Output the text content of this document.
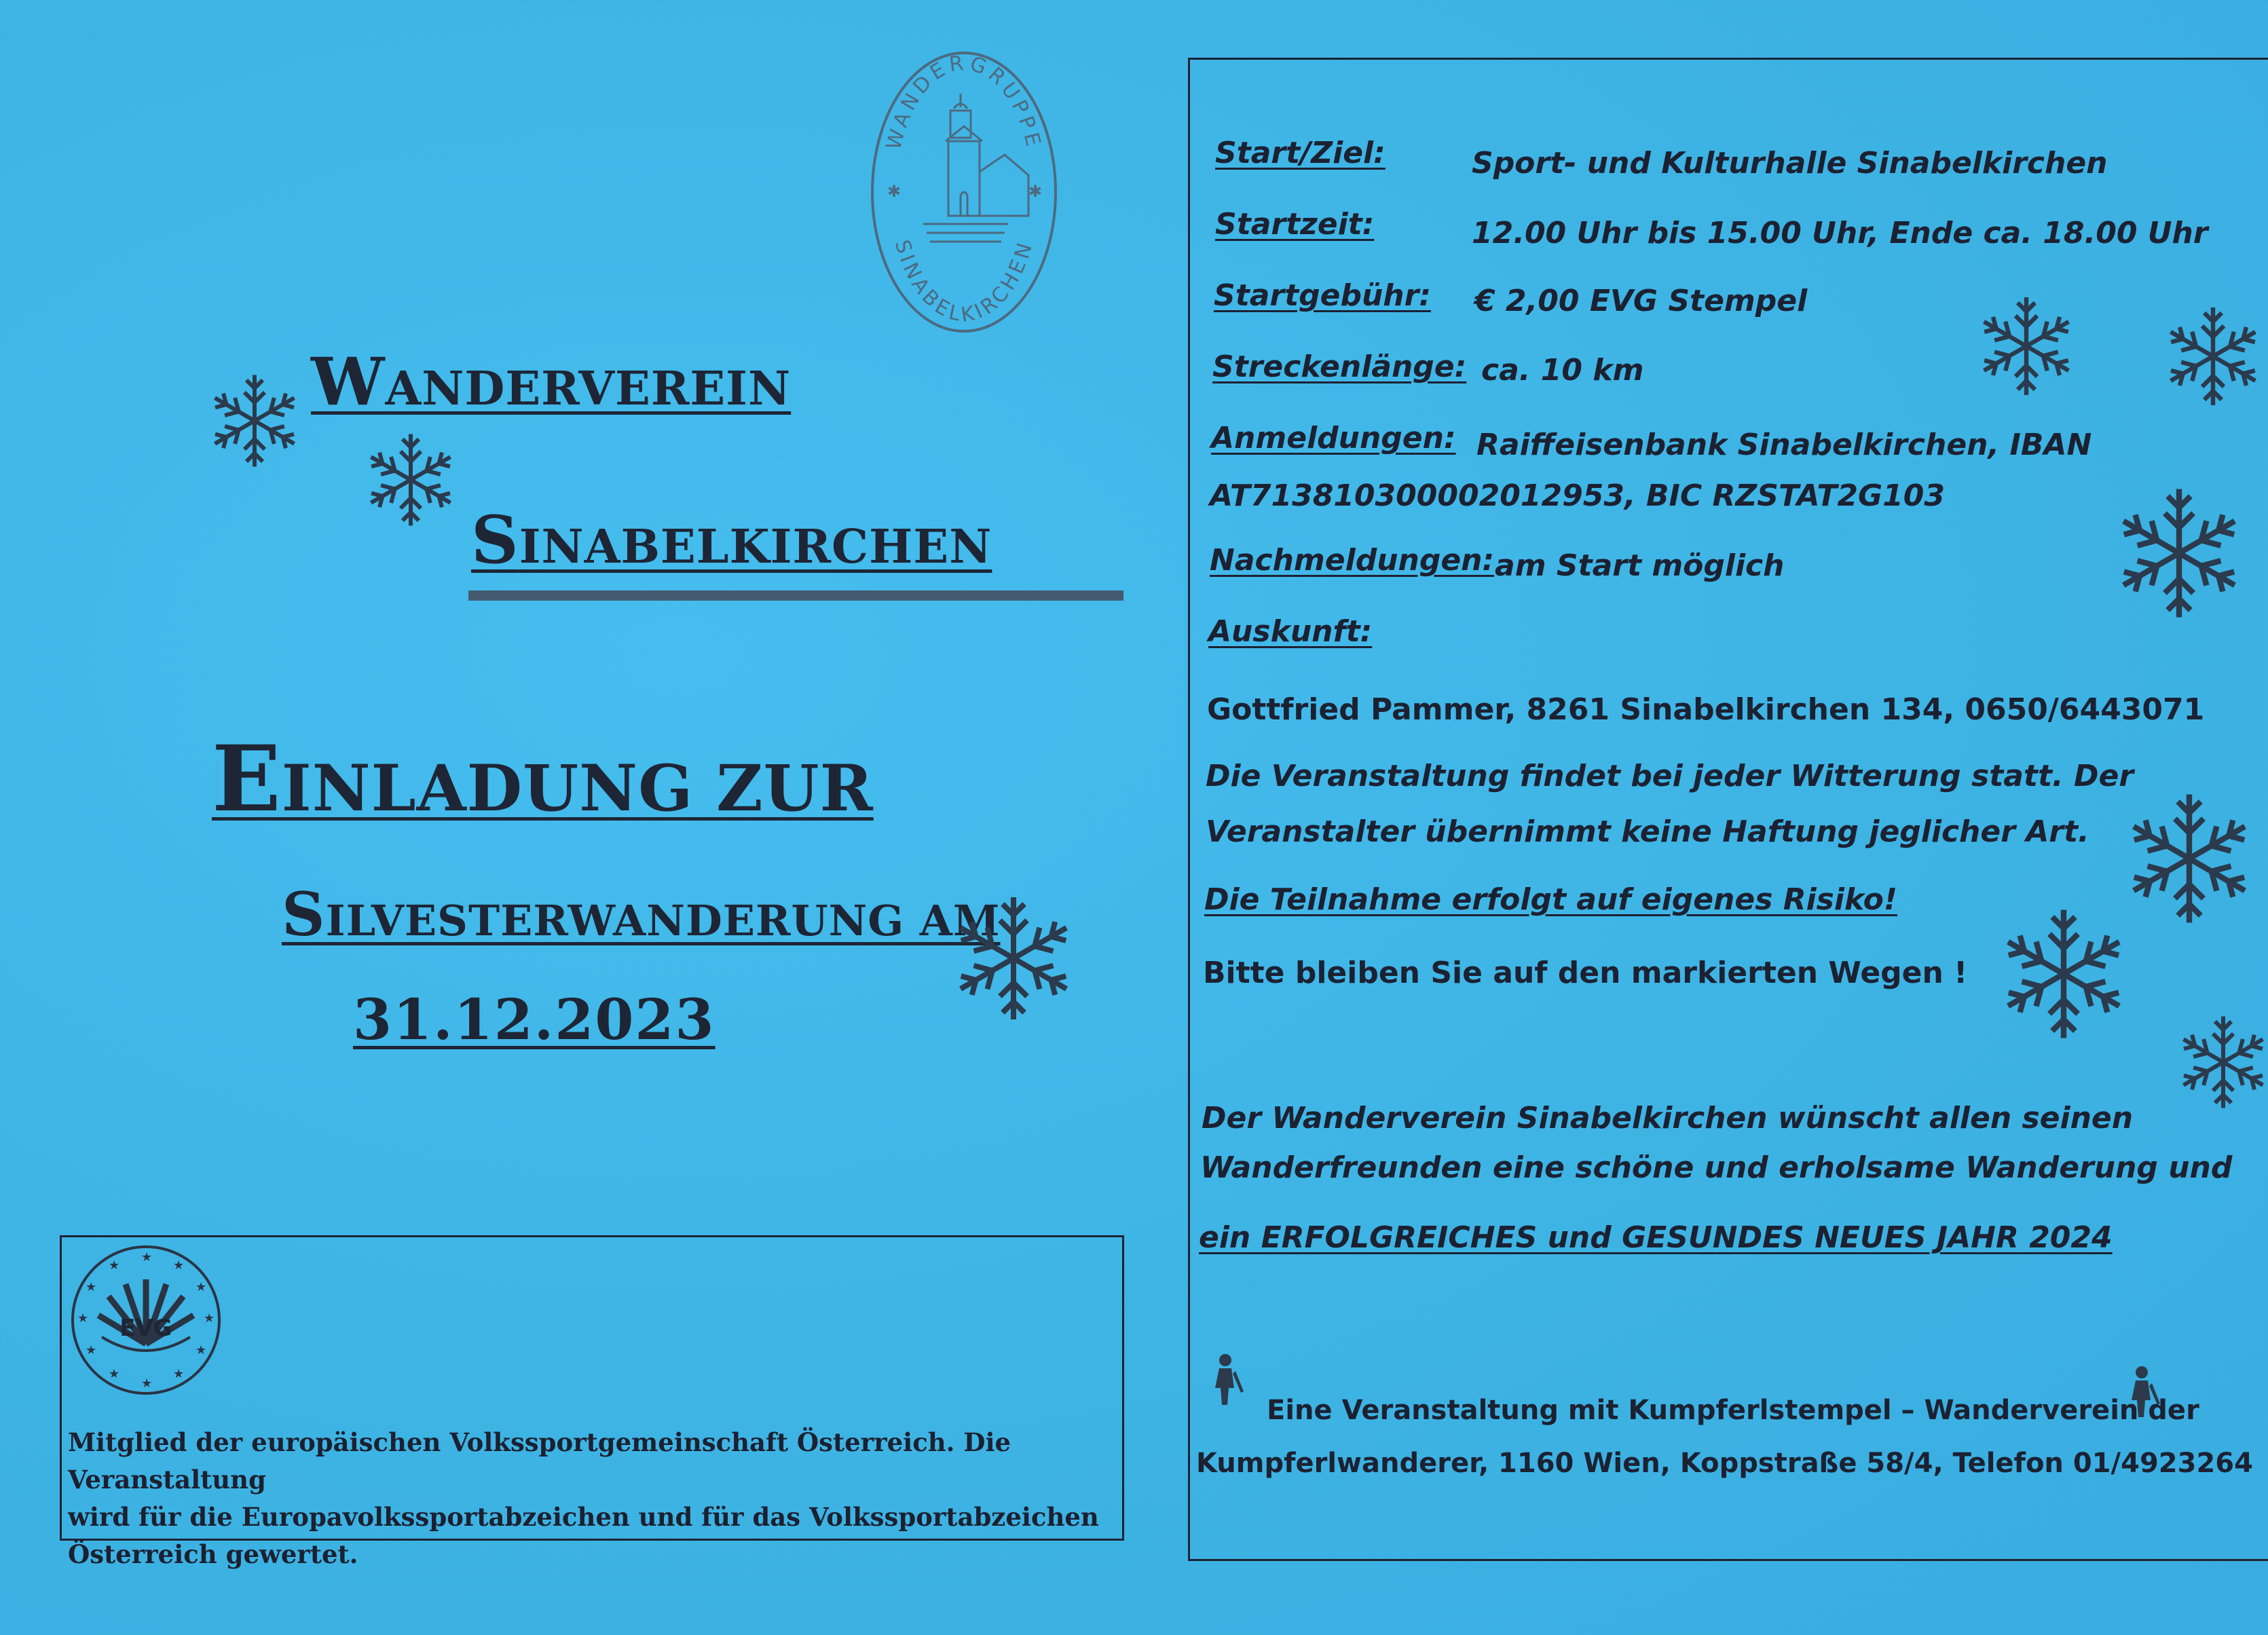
WANDERVEREIN
SINABELKIRCHEN
EINLADUNG ZUR
SILVESTERWANDERUNG AM
31.12.2023
WANDERGRUPPE
SINABELKIRCHEN
✱	✱
★
★
★
★
★
★
★
★
★
★
★
★
EVG
Mitglied der europäischen Volkssportgemeinschaft Österreich. Die Veranstaltung
wird für die Europavolkssportabzeichen und für das Volkssportabzeichen
Österreich gewertet.
Start/Ziel:	Sport- und Kulturhalle Sinabelkirchen
Startzeit:	12.00 Uhr bis 15.00 Uhr, Ende ca. 18.00 Uhr
Startgebühr: € 2,00 EVG Stempel
Streckenlänge: ca. 10 km
Anmeldungen: Raiffeisenbank Sinabelkirchen, IBAN
AT713810300002012953, BIC RZSTAT2G103
Nachmeldungen: am Start möglich
Auskunft:
Gottfried Pammer, 8261 Sinabelkirchen 134, 0650/6443071
Die Veranstaltung findet bei jeder Witterung statt. Der
Veranstalter übernimmt keine Haftung jeglicher Art.
Die Teilnahme erfolgt auf eigenes Risiko!
Bitte bleiben Sie auf den markierten Wegen !
Der Wanderverein Sinabelkirchen wünscht allen seinen
Wanderfreunden eine schöne und erholsame Wanderung und
ein ERFOLGREICHES und GESUNDES NEUES JAHR 2024
Eine Veranstaltung mit Kumpferlstempel – Wanderverein der
Kumpferlwanderer, 1160 Wien, Koppstraße 58/4, Telefon 01/4923264
